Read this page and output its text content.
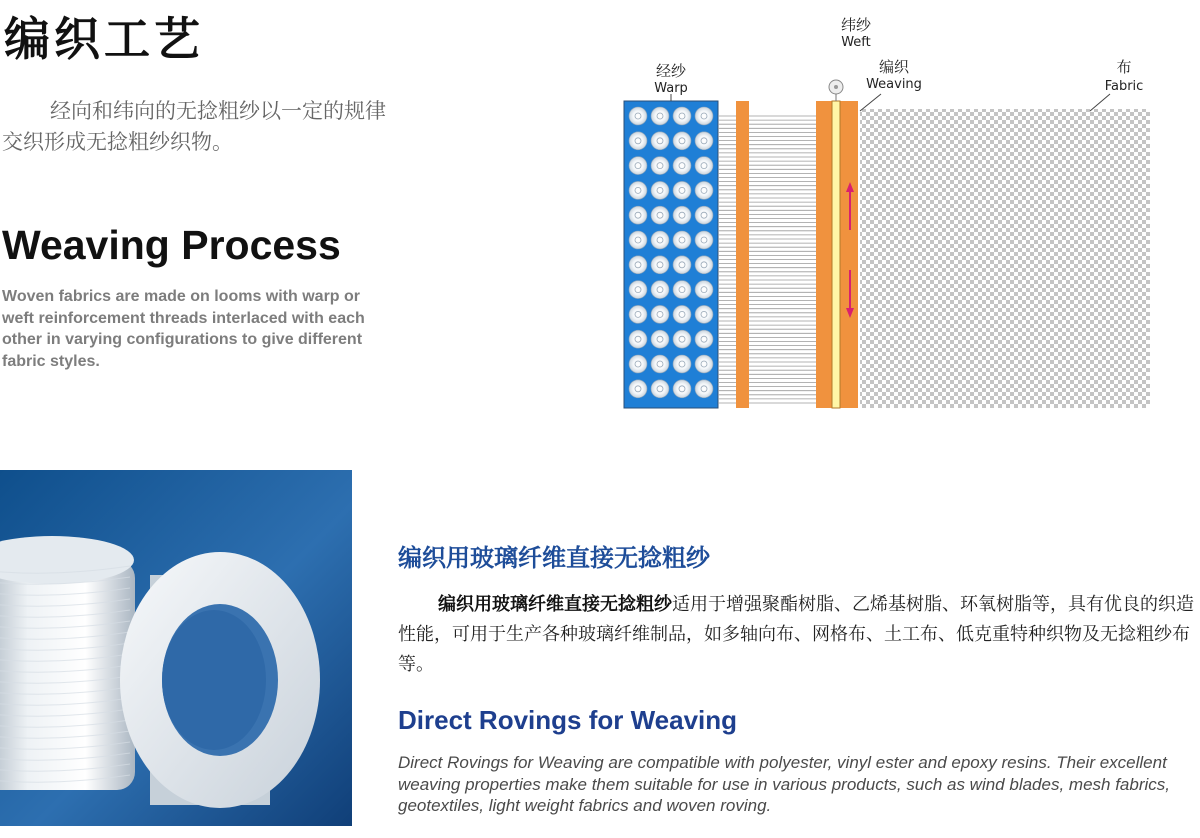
编织工艺

经向和纬向的无捻粗纱以一定的规律交织形成无捻粗纱织物。

Weaving Process

Woven fabrics are made on looms with warp or weft reinforcement threads interlaced with each other in varying configurations to give different fabric styles.

经纱
Warp
纬纱
Weft
编织
Weaving
布
Fabric
编织用玻璃纤维直接无捻粗纱

编织用玻璃纤维直接无捻粗纱适用于增强聚酯树脂、乙烯基树脂、环氧树脂等，具有优良的织造性能，可用于生产各种玻璃纤维制品，如多轴向布、网格布、土工布、低克重特种织物及无捻粗纱布等。

Direct Rovings for Weaving

Direct Rovings for Weaving are compatible with polyester, vinyl ester and epoxy resins. Their excellent weaving properties make them suitable for use in various products, such as wind blades, mesh fabrics, geotextiles, light weight fabrics and woven roving.
